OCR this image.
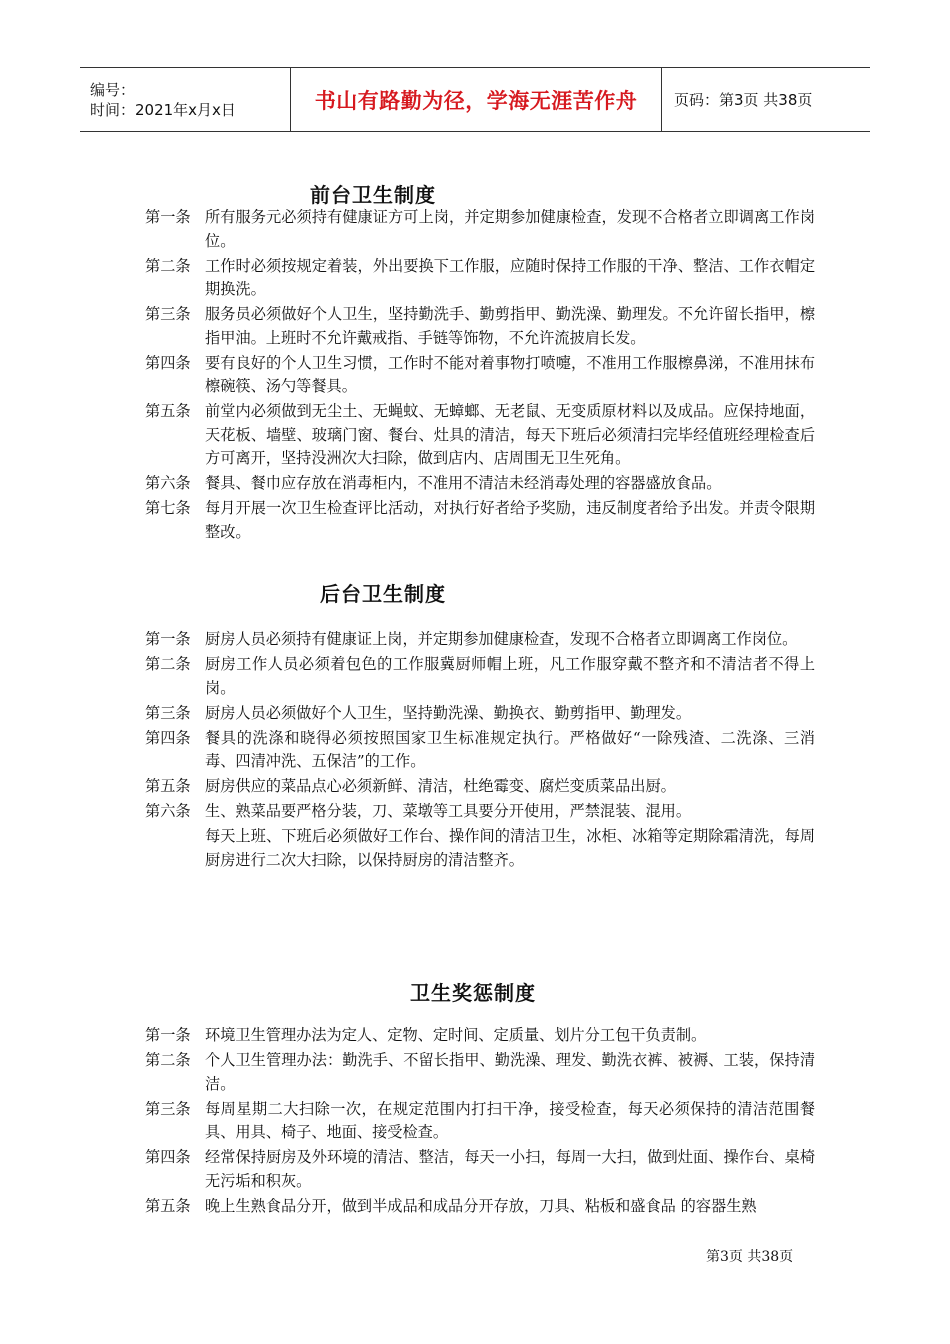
编号：
时间：2021年x月x日	书山有路勤为径，学海无涯苦作舟	页码：第3页 共38页
前台卫生制度
第一条 所有服务元必须持有健康证方可上岗，并定期参加健康检查，发现不合格者立即调离工作岗位。
第二条 工作时必须按规定着装，外出要换下工作服，应随时保持工作服的干净、整洁、工作衣帽定期换洗。
第三条 服务员必须做好个人卫生，坚持勤洗手、勤剪指甲、勤洗澡、勤理发。不允许留长指甲，檫指甲油。上班时不允许戴戒指、手链等饰物，不允许流披肩长发。
第四条 要有良好的个人卫生习惯，工作时不能对着事物打喷嚏，不准用工作服檫鼻涕，不准用抹布檫碗筷、汤勺等餐具。
第五条 前堂内必须做到无尘土、无蝇蚊、无蟑螂、无老鼠、无变质原材料以及成品。应保持地面，天花板、墙壁、玻璃门窗、餐台、灶具的清洁，每天下班后必须清扫完毕经值班经理检查后方可离开，坚持没洲次大扫除，做到店内、店周围无卫生死角。
第六条 餐具、餐巾应存放在消毒柜内，不准用不清洁未经消毒处理的容器盛放食品。
第七条 每月开展一次卫生检查评比活动，对执行好者给予奖励，违反制度者给予出发。并责令限期整改。
后台卫生制度
第一条 厨房人员必须持有健康证上岗，并定期参加健康检查，发现不合格者立即调离工作岗位。
第二条 厨房工作人员必须着包色的工作服冀厨师帽上班，凡工作服穿戴不整齐和不清洁者不得上岗。
第三条 厨房人员必须做好个人卫生，坚持勤洗澡、勤换衣、勤剪指甲、勤理发。
第四条 餐具的洗涤和晓得必须按照国家卫生标准规定执行。严格做好“一除残渣、二洗涤、三消毒、四清冲洗、五保洁”的工作。
第五条 厨房供应的菜品点心必须新鲜、清洁，杜绝霉变、腐烂变质菜品出厨。
第六条 生、熟菜品要严格分装，刀、菜墩等工具要分开使用，严禁混装、混用。
每天上班、下班后必须做好工作台、操作间的清洁卫生，冰柜、冰箱等定期除霜清洗，每周厨房进行二次大扫除，以保持厨房的清洁整齐。
卫生奖惩制度
第一条 环境卫生管理办法为定人、定物、定时间、定质量、划片分工包干负责制。
第二条 个人卫生管理办法：勤洗手、不留长指甲、勤洗澡、理发、勤洗衣裤、被褥、工装，保持清洁。
第三条 每周星期二大扫除一次，在规定范围内打扫干净，接受检查，每天必须保持的清洁范围餐具、用具、椅子、地面、接受检查。
第四条 经常保持厨房及外环境的清洁、整洁，每天一小扫，每周一大扫，做到灶面、操作台、桌椅无污垢和积灰。
第五条 晚上生熟食品分开，做到半成品和成品分开存放，刀具、粘板和盛食品 的容器生熟
第3页 共38页
